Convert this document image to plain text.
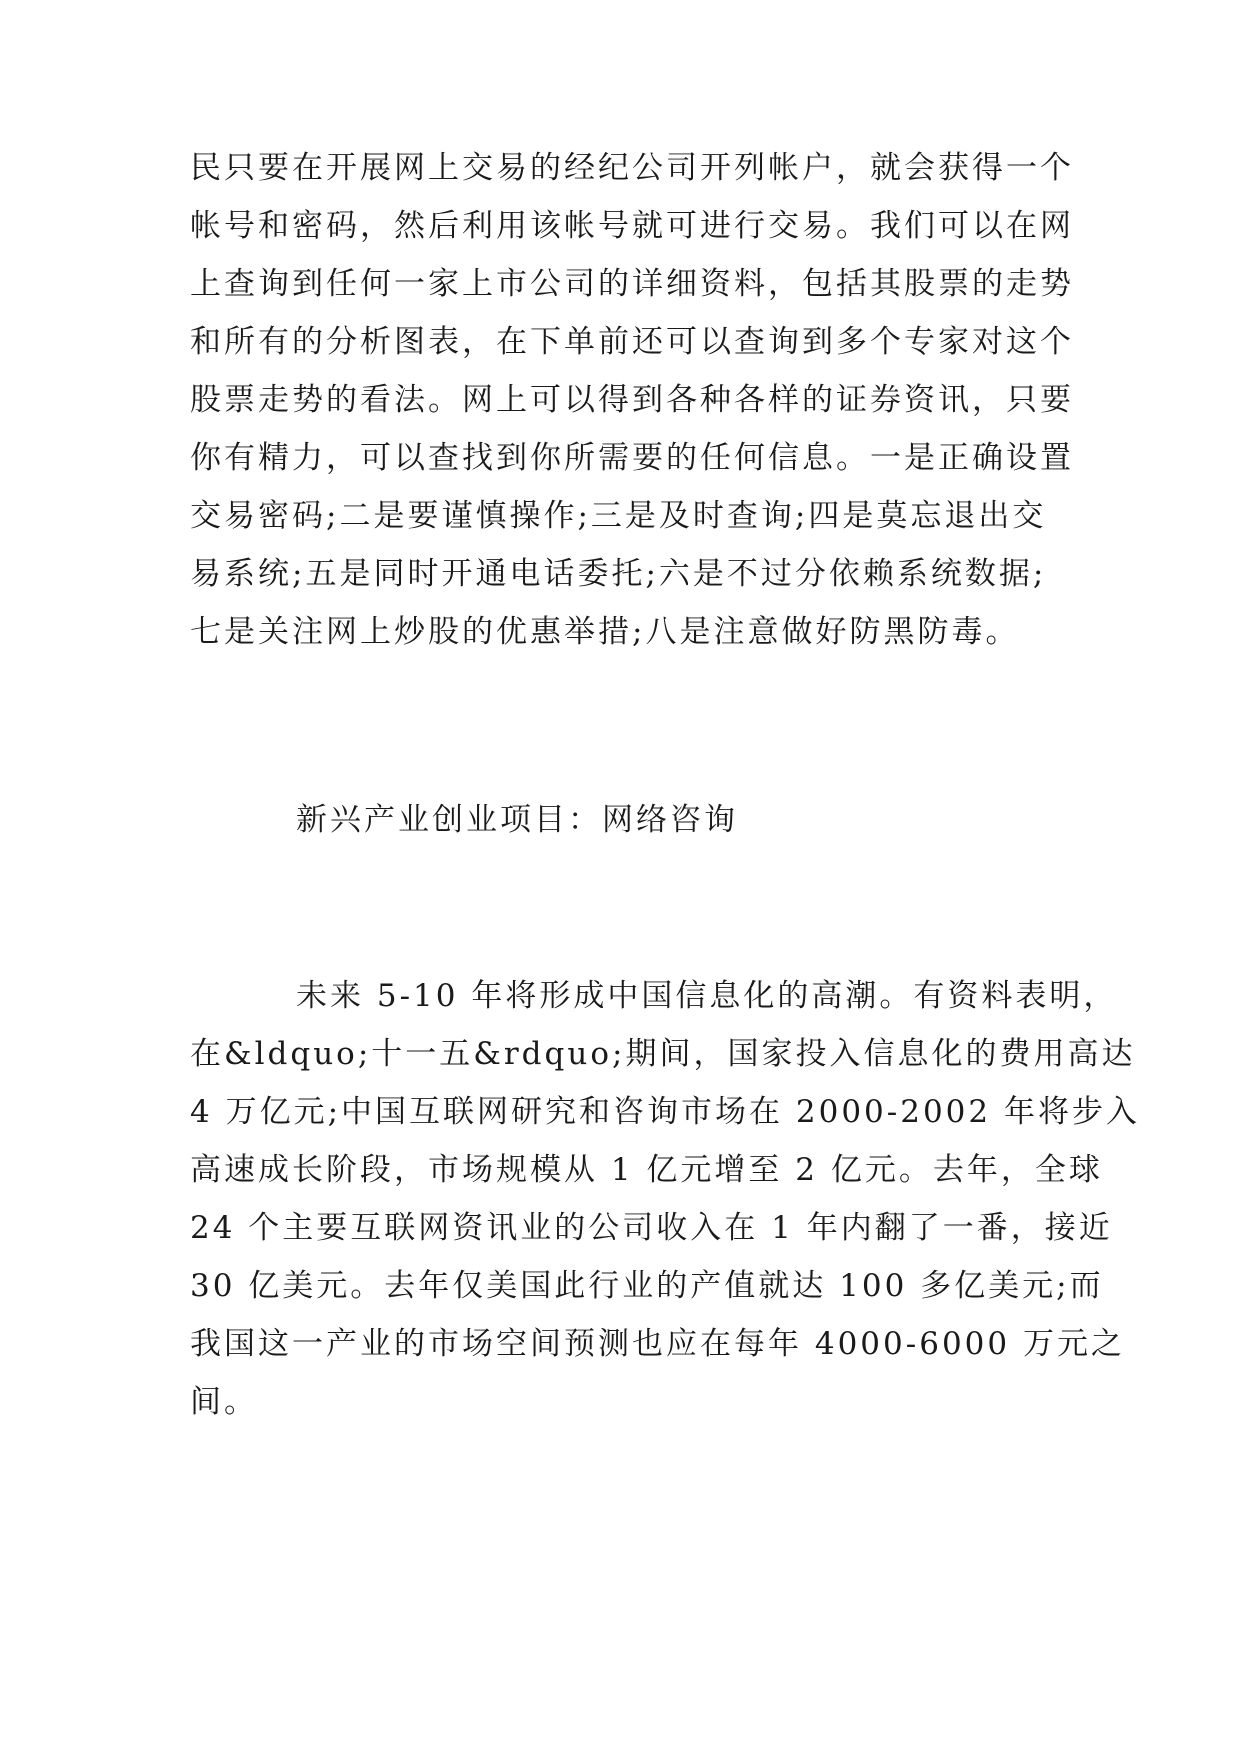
民只要在开展网上交易的经纪公司开列帐户，就会获得一个
帐号和密码，然后利用该帐号就可进行交易。我们可以在网
上查询到任何一家上市公司的详细资料，包括其股票的走势
和所有的分析图表，在下单前还可以查询到多个专家对这个
股票走势的看法。网上可以得到各种各样的证券资讯，只要
你有精力，可以查找到你所需要的任何信息。一是正确设置
交易密码;二是要谨慎操作;三是及时查询;四是莫忘退出交
易系统;五是同时开通电话委托;六是不过分依赖系统数据;
七是关注网上炒股的优惠举措;八是注意做好防黑防毒。
新兴产业创业项目：网络咨询
未来 5-10 年将形成中国信息化的高潮。有资料表明，
在&ldquo;十一五&rdquo;期间，国家投入信息化的费用高达
4 万亿元;中国互联网研究和咨询市场在 2000-2002 年将步入
高速成长阶段，市场规模从 1 亿元增至 2 亿元。去年，全球
24 个主要互联网资讯业的公司收入在 1 年内翻了一番，接近
30 亿美元。去年仅美国此行业的产值就达 100 多亿美元;而
我国这一产业的市场空间预测也应在每年 4000-6000 万元之
间。
